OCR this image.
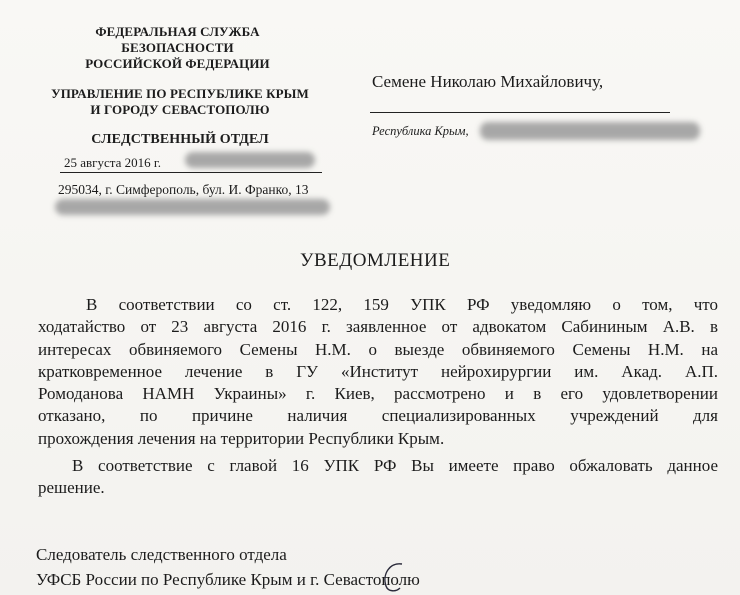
ФЕДЕРАЛЬНАЯ СЛУЖБА
БЕЗОПАСНОСТИ
РОССИЙСКОЙ ФЕДЕРАЦИИ
УПРАВЛЕНИЕ ПО РЕСПУБЛИКЕ КРЫМ
И ГОРОДУ СЕВАСТОПОЛЮ
СЛЕДСТВЕННЫЙ ОТДЕЛ
25 августа 2016 г.
295034, г. Симферополь, бул. И. Франко, 13
Семене Николаю Михайловичу,
Республика Крым,
УВЕДОМЛЕНИЕ
В соответствии со ст. 122, 159 УПК РФ уведомляю о том, что
ходатайство от 23 августа 2016 г. заявленное от адвокатом Сабининым А.В. в
интересах обвиняемого Семены Н.М. о выезде обвиняемого Семены Н.М. на
кратковременное лечение в ГУ «Институт нейрохирургии им. Акад. А.П.
Ромоданова НАМН Украины» г. Киев, рассмотрено и в его удовлетворении
отказано, по причине наличия специализированных учреждений для
прохождения лечения на территории Республики Крым.
В соответствие с главой 16 УПК РФ Вы имеете право обжаловать данное
решение.
Следователь следственного отдела
УФСБ России по Республике Крым и г. Севастополю
